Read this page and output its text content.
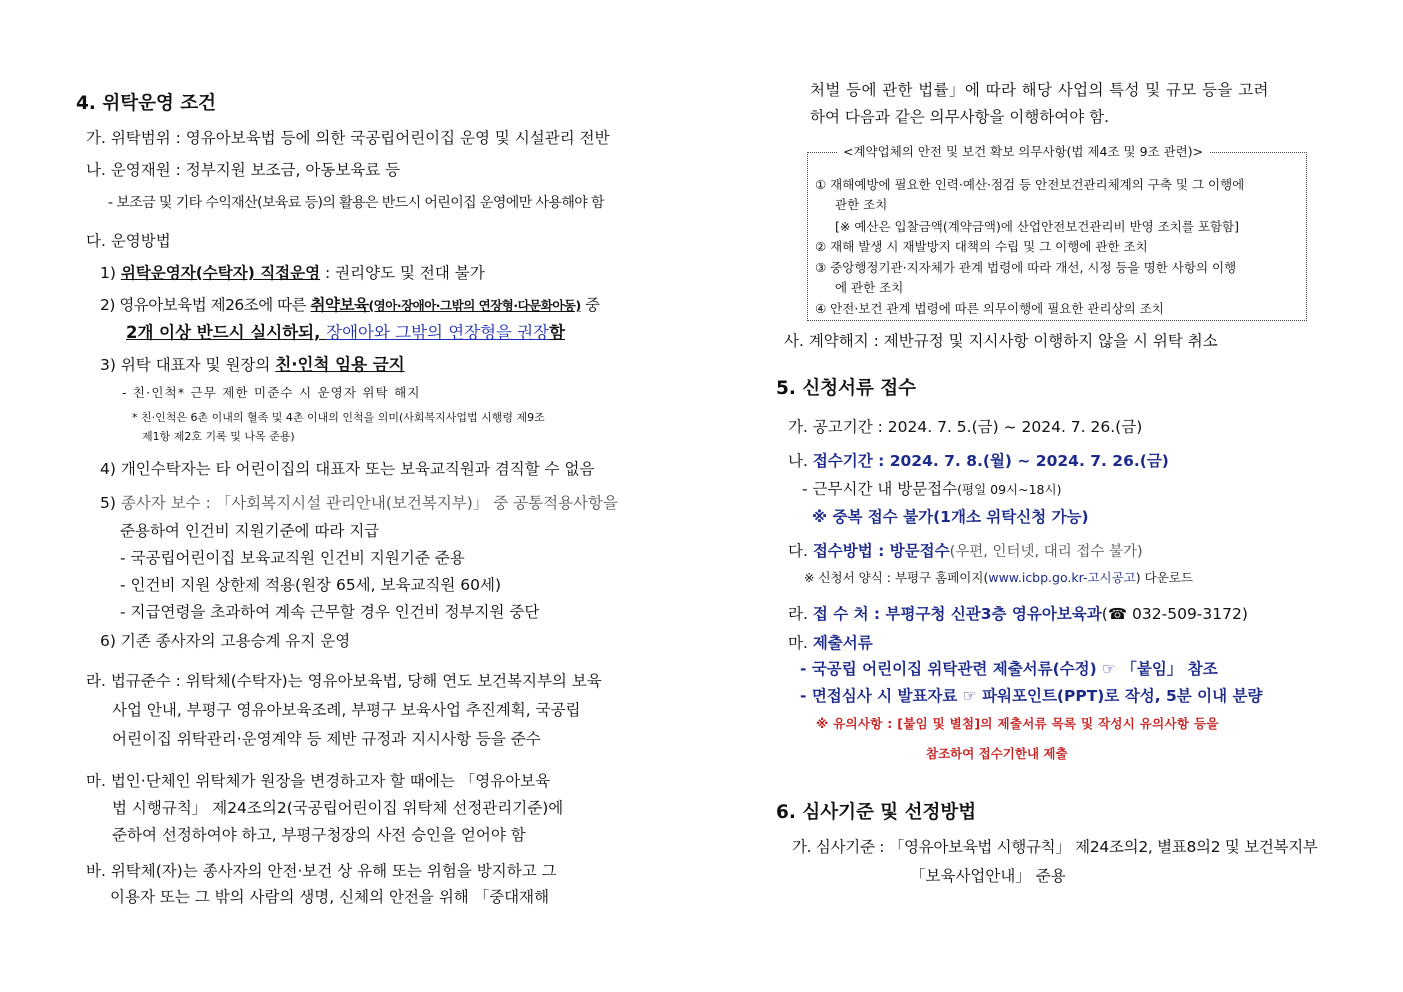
4. 위탁운영 조건
가. 위탁범위 : 영유아보육법 등에 의한 국공립어린이집 운영 및 시설관리 전반
나. 운영재원 : 정부지원 보조금, 아동보육료 등
- 보조금 및 기타 수익재산(보육료 등)의 활용은 반드시 어린이집 운영에만 사용해야 함
다. 운영방법
1) 위탁운영자(수탁자) 직접운영 : 권리양도 및 전대 불가
2) 영유아보육법 제26조에 따른 취약보육(영아·장애아·그밖의 연장형·다문화아동) 중
2개 이상 반드시 실시하되, 장애아와 그밖의 연장형을 권장함
3) 위탁 대표자 및 원장의 친·인척 임용 금지
- 친·인척* 근무 제한 미준수 시 운영자 위탁 해지
* 친·인척은 6촌 이내의 혈족 및 4촌 이내의 인척을 의미(사회복지사업법 시행령 제9조
제1항 제2호 기록 및 나목 준용)
4) 개인수탁자는 타 어린이집의 대표자 또는 보육교직원과 겸직할 수 없음
5) 종사자 보수 : 「사회복지시설 관리안내(보건복지부)」 중 공통적용사항을
준용하여 인건비 지원기준에 따라 지급
- 국공립어린이집 보육교직원 인건비 지원기준 준용
- 인건비 지원 상한제 적용(원장 65세, 보육교직원 60세)
- 지급연령을 초과하여 계속 근무할 경우 인건비 정부지원 중단
6) 기존 종사자의 고용승계 유지 운영
라. 법규준수 : 위탁체(수탁자)는 영유아보육법, 당해 연도 보건복지부의 보육
사업 안내, 부평구 영유아보육조례, 부평구 보육사업 추진계획, 국공립
어린이집 위탁관리·운영계약 등 제반 규정과 지시사항 등을 준수
마. 법인·단체인 위탁체가 원장을 변경하고자 할 때에는 「영유아보육
법 시행규칙」 제24조의2(국공립어린이집 위탁체 선정관리기준)에
준하여 선정하여야 하고, 부평구청장의 사전 승인을 얻어야 함
바. 위탁체(자)는 종사자의 안전·보건 상 유해 또는 위험을 방지하고 그
이용자 또는 그 밖의 사람의 생명, 신체의 안전을 위해 「중대재해
처벌 등에 관한 법률」에 따라 해당 사업의 특성 및 규모 등을 고려
하여 다음과 같은 의무사항을 이행하여야 함.
<계약업체의 안전 및 보건 확보 의무사항(법 제4조 및 9조 관련)>
① 재해예방에 필요한 인력·예산·점검 등 안전보건관리체계의 구축 및 그 이행에
관한 조치
[※ 예산은 입찰금액(계약금액)에 산업안전보건관리비 반영 조치를 포함함]
② 재해 발생 시 재발방지 대책의 수립 및 그 이행에 관한 조치
③ 중앙행정기관·지자체가 관계 법령에 따라 개선, 시정 등을 명한 사항의 이행
에 관한 조치
④ 안전·보건 관계 법령에 따른 의무이행에 필요한 관리상의 조치
사. 계약해지 : 제반규정 및 지시사항 이행하지 않을 시 위탁 취소
5. 신청서류 접수
가. 공고기간 : 2024. 7. 5.(금) ~ 2024. 7. 26.(금)
나. 접수기간 : 2024. 7. 8.(월) ~ 2024. 7. 26.(금)
- 근무시간 내 방문접수(평일 09시~18시)
※ 중복 접수 불가(1개소 위탁신청 가능)
다. 접수방법 : 방문접수(우편, 인터넷, 대리 접수 불가)
※ 신청서 양식 : 부평구 홈페이지(www.icbp.go.kr-고시공고) 다운로드
라. 접 수 처 : 부평구청 신관3층 영유아보육과(☎ 032-509-3172)
마. 제출서류
- 국공립 어린이집 위탁관련 제출서류(수정) ☞ 「붙임」 참조
- 면접심사 시 발표자료 ☞ 파워포인트(PPT)로 작성, 5분 이내 분량
※ 유의사항 : [붙임 및 별첨]의 제출서류 목록 및 작성시 유의사항 등을
참조하여 접수기한내 제출
6. 심사기준 및 선정방법
가. 심사기준 : 「영유아보육법 시행규칙」 제24조의2, 별표8의2 및 보건복지부
「보육사업안내」 준용
